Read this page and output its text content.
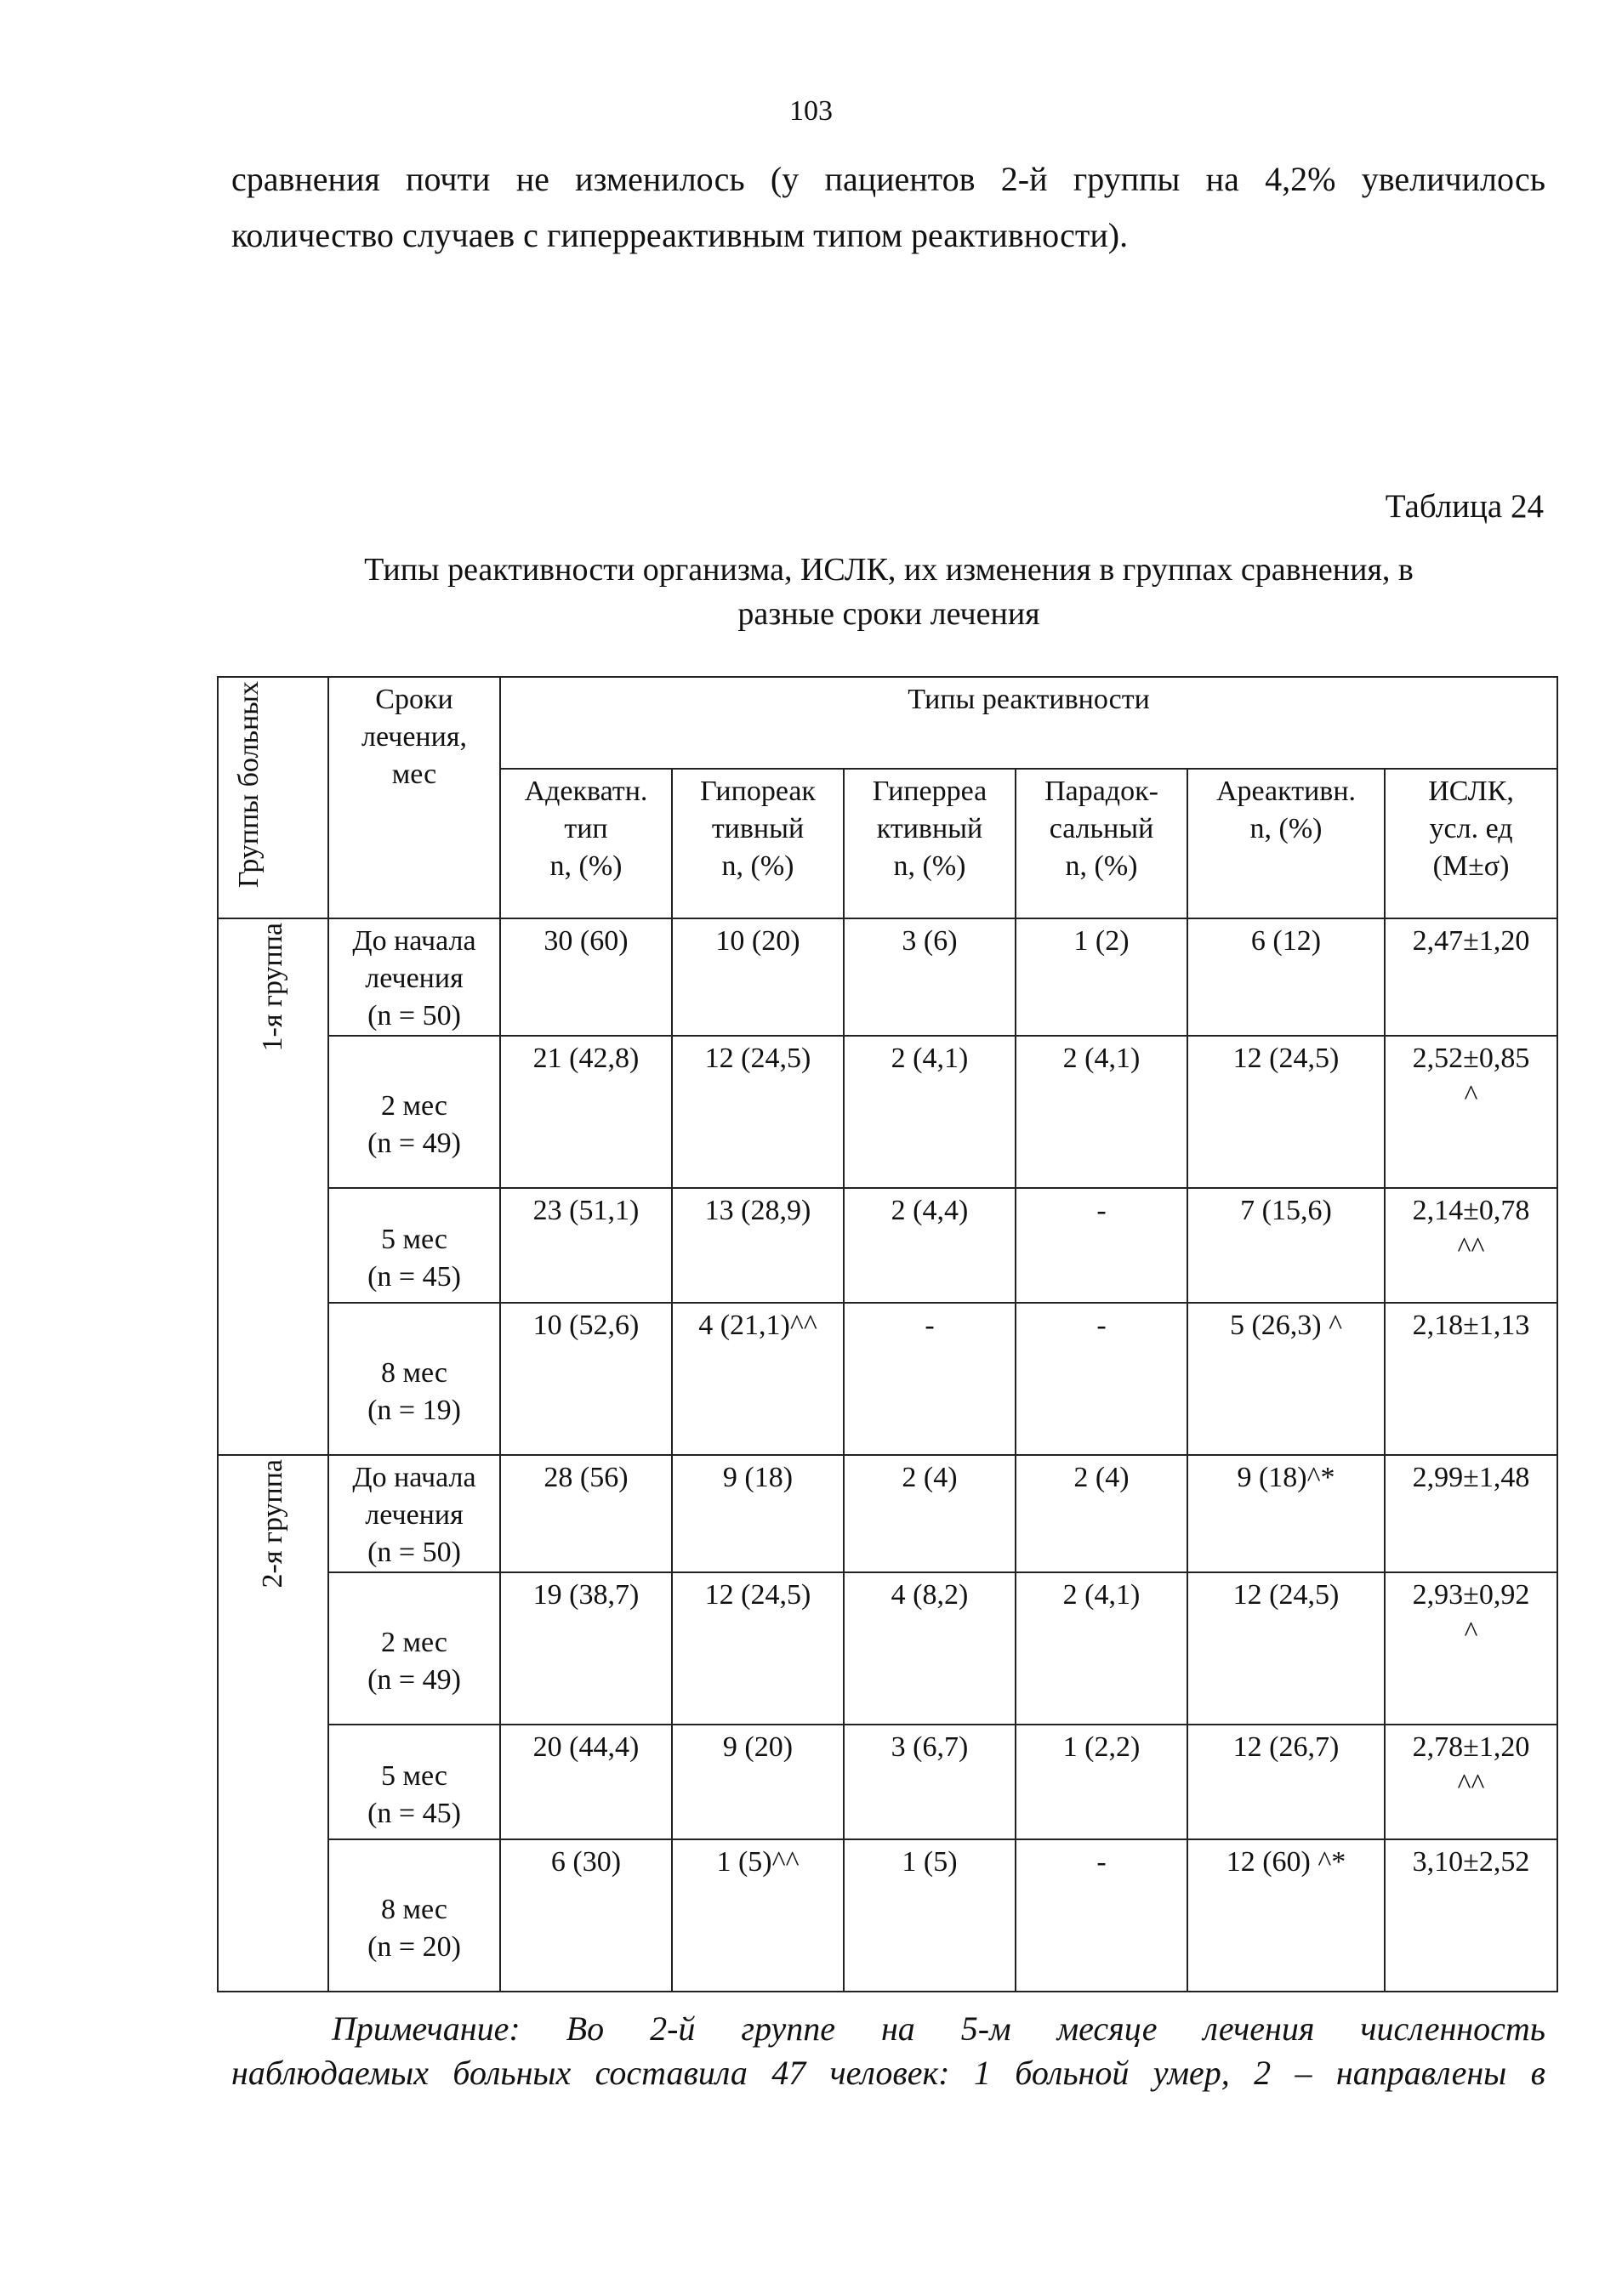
103
сравнения почти не изменилось (у пациентов 2-й группы на 4,2% увеличилось
количество случаев с гиперреактивным типом реактивности).
Таблица 24
Типы реактивности организма, ИСЛК, их изменения в группах сравнения, в
разные сроки лечения
Группы больных	Сроки
лечения,
мес	Типы реактивности					

		Адекватн.
тип
n, (%)	Гипореак
тивный
n, (%)	Гиперреа
ктивный
n, (%)	Парадок-
сальный
n, (%)	Ареактивн.
n, (%)	ИСЛК,
усл. ед
(M±σ)

1-я группа	До начала
лечения
(n = 50)	30 (60)	10 (20)	3 (6)	1 (2)	6 (12)	2,47±1,20

	2 мес
(n = 49)	21 (42,8)	12 (24,5)	2 (4,1)	2 (4,1)	12 (24,5)	2,52±0,85
^

	5 мес
(n = 45)	23 (51,1)	13 (28,9)	2 (4,4)	-	7 (15,6)	2,14±0,78
^^

	8 мес
(n = 19)	10 (52,6)	4 (21,1)^^	-	-	5 (26,3) ^	2,18±1,13

2-я группа	До начала
лечения
(n = 50)	28 (56)	9 (18)	2 (4)	2 (4)	9 (18)^*	2,99±1,48

	2 мес
(n = 49)	19 (38,7)	12 (24,5)	4 (8,2)	2 (4,1)	12 (24,5)	2,93±0,92
^

	5 мес
(n = 45)	20 (44,4)	9 (20)	3 (6,7)	1 (2,2)	12 (26,7)	2,78±1,20
^^

	8 мес
(n = 20)	6 (30)	1 (5)^^	1 (5)	-	12 (60) ^*	3,10±2,52
Примечание: Во 2-й группе на 5-м месяце лечения численность
наблюдаемых больных составила 47 человек: 1 больной умер, 2 – направлены в
